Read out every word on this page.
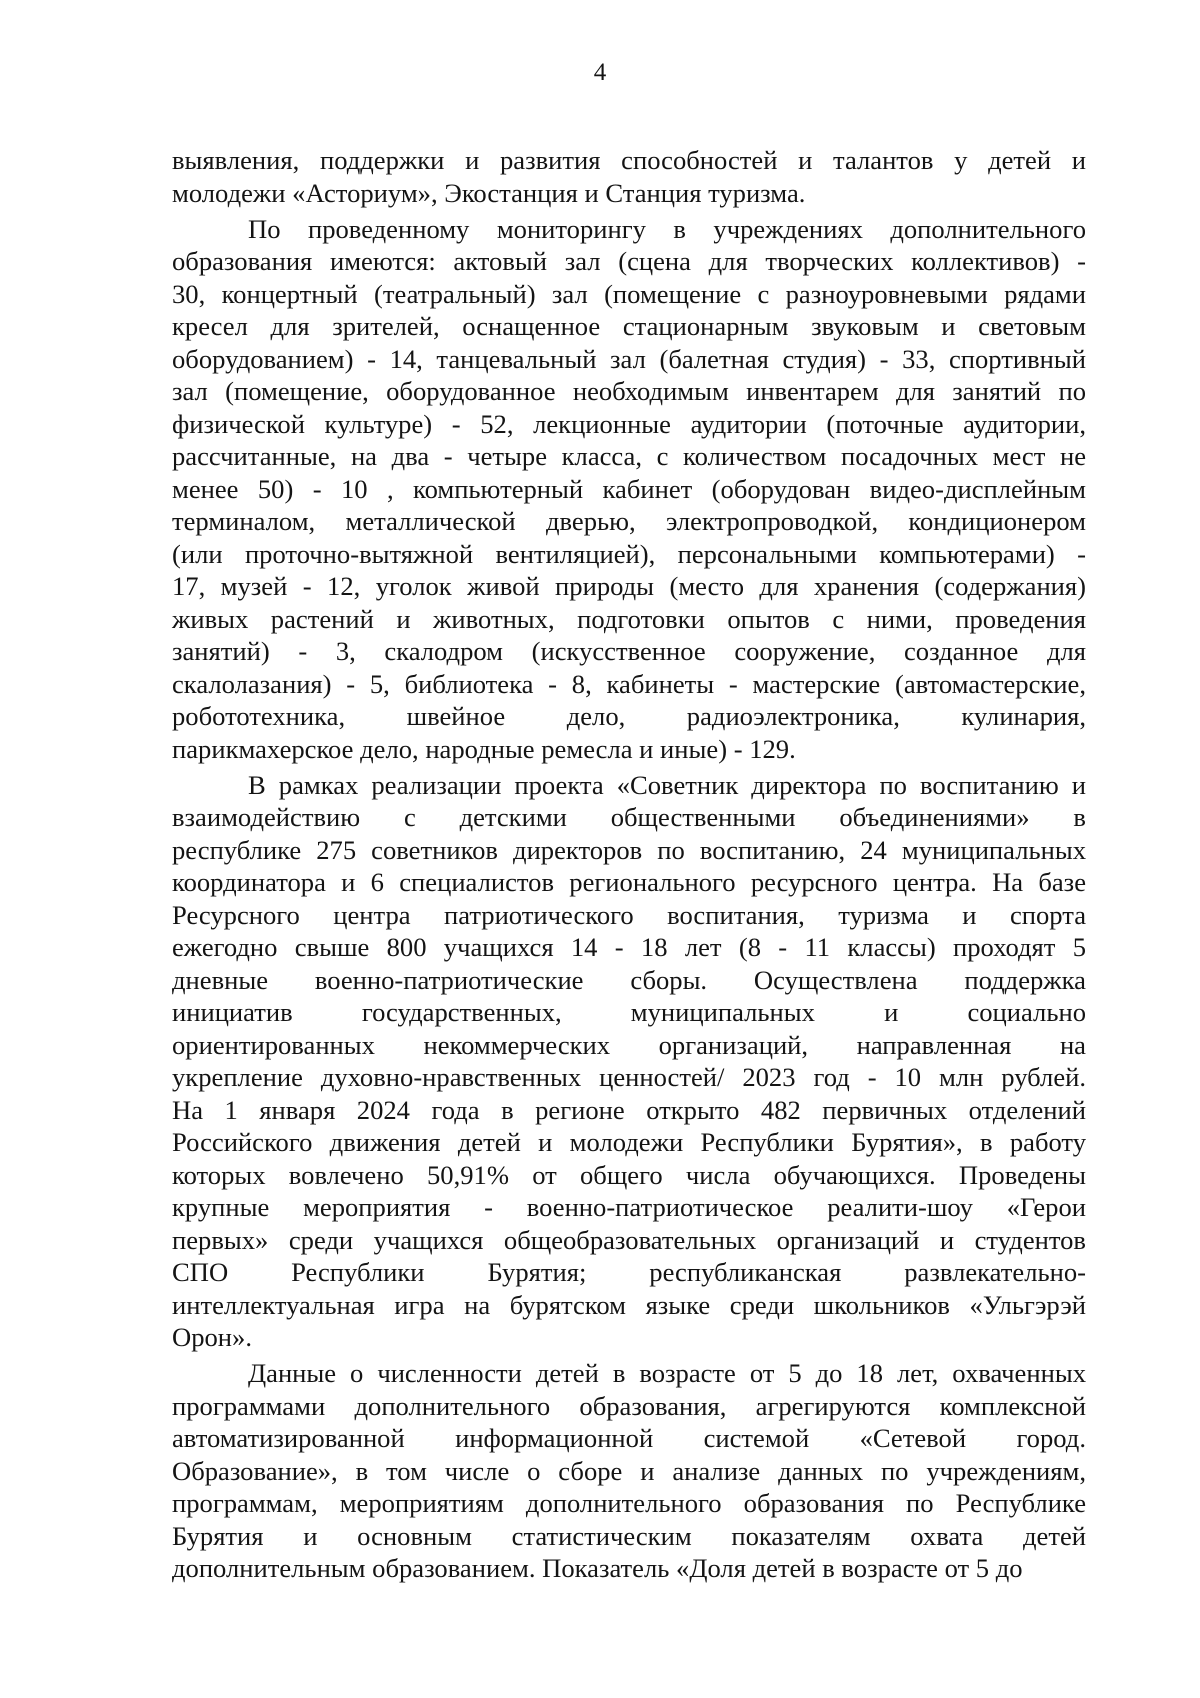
4
выявления, поддержки и развития способностей и талантов у детей и
молодежи «Асториум», Экостанция и Станция туризма.
По проведенному мониторингу в учреждениях дополнительного
образования имеются: актовый зал (сцена для творческих коллективов) -
30, концертный (театральный) зал (помещение с разноуровневыми рядами
кресел для зрителей, оснащенное стационарным звуковым и световым
оборудованием) - 14, танцевальный зал (балетная студия) - 33, спортивный
зал (помещение, оборудованное необходимым инвентарем для занятий по
физической культуре) - 52, лекционные аудитории (поточные аудитории,
рассчитанные, на два - четыре класса, с количеством посадочных мест не
менее 50) - 10 , компьютерный кабинет (оборудован видео-дисплейным
терминалом, металлической дверью, электропроводкой, кондиционером
(или проточно-вытяжной вентиляцией), персональными компьютерами) -
17, музей - 12, уголок живой природы (место для хранения (содержания)
живых растений и животных, подготовки опытов с ними, проведения
занятий) - 3, скалодром (искусственное сооружение, созданное для
скалолазания) - 5, библиотека - 8, кабинеты - мастерские (автомастерские,
робототехника, швейное дело, радиоэлектроника, кулинария,
парикмахерское дело, народные ремесла и иные) - 129.
В рамках реализации проекта «Советник директора по воспитанию и
взаимодействию с детскими общественными объединениями» в
республике 275 советников директоров по воспитанию, 24 муниципальных
координатора и 6 специалистов регионального ресурсного центра. На базе
Ресурсного центра патриотического воспитания, туризма и спорта
ежегодно свыше 800 учащихся 14 - 18 лет (8 - 11 классы) проходят 5
дневные военно-патриотические сборы. Осуществлена поддержка
инициатив государственных, муниципальных и социально
ориентированных некоммерческих организаций, направленная на
укрепление духовно-нравственных ценностей/ 2023 год - 10 млн рублей.
На 1 января 2024 года в регионе открыто 482 первичных отделений
Российского движения детей и молодежи Республики Бурятия», в работу
которых вовлечено 50,91% от общего числа обучающихся. Проведены
крупные мероприятия - военно-патриотическое реалити-шоу «Герои
первых» среди учащихся общеобразовательных организаций и студентов
СПО Республики Бурятия; республиканская развлекательно-
интеллектуальная игра на бурятском языке среди школьников «Ульгэрэй
Орон».
Данные о численности детей в возрасте от 5 до 18 лет, охваченных
программами дополнительного образования, агрегируются комплексной
автоматизированной информационной системой «Сетевой город.
Образование», в том числе о сборе и анализе данных по учреждениям,
программам, мероприятиям дополнительного образования по Республике
Бурятия и основным статистическим показателям охвата детей
дополнительным образованием. Показатель «Доля детей в возрасте от 5 до
